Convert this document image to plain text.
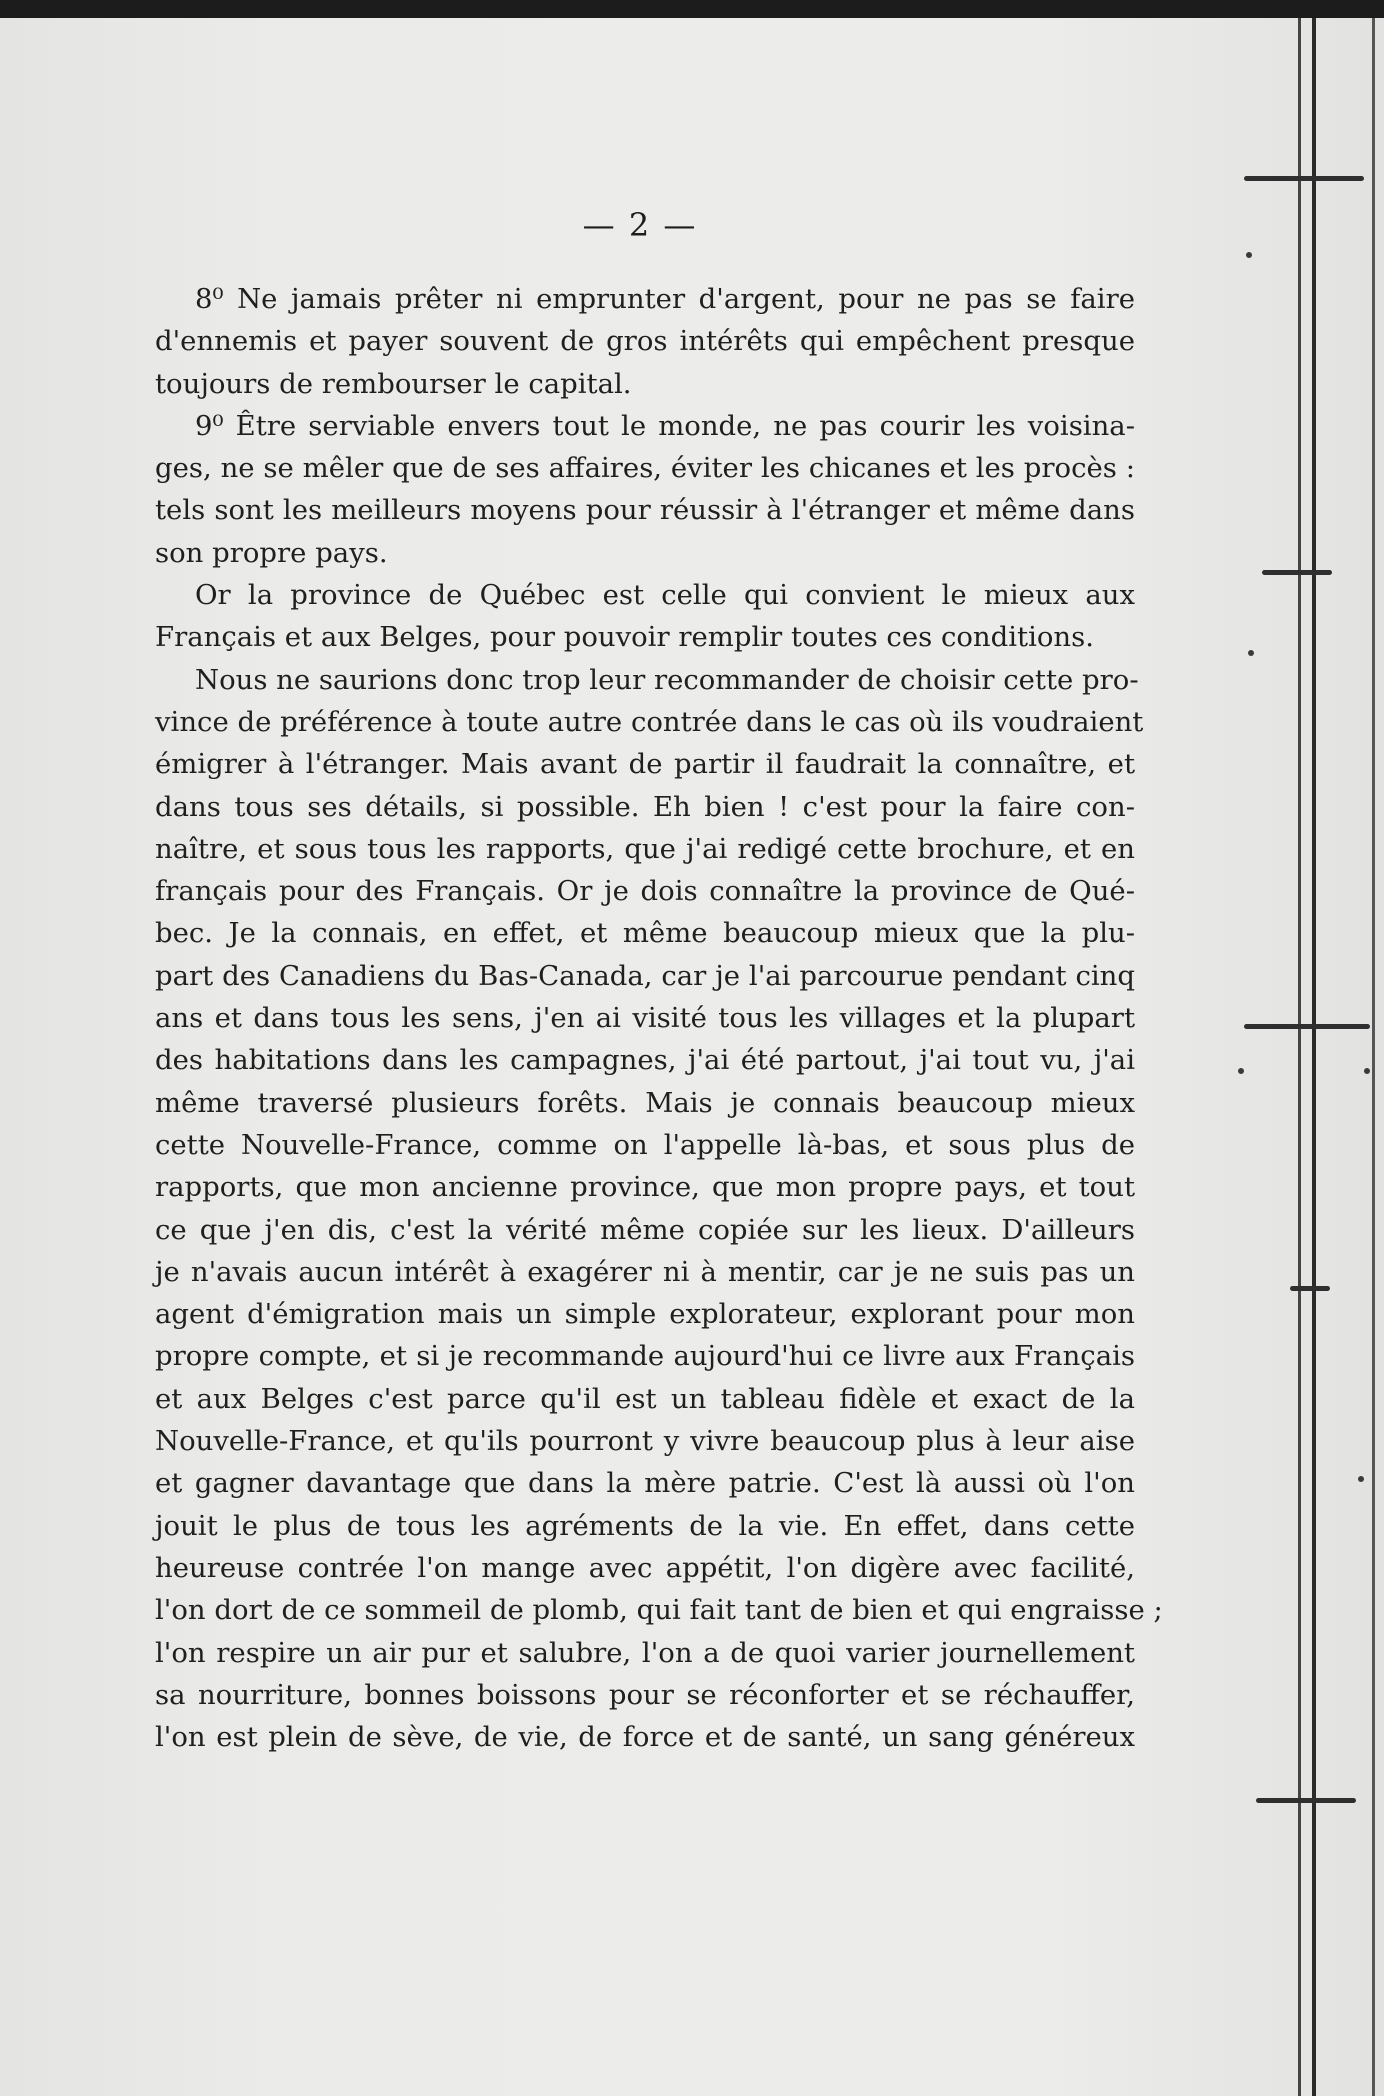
— 2 —

8⁰ Ne jamais prêter ni emprunter d'argent, pour ne pas se faire
d'ennemis et payer souvent de gros intérêts qui empêchent presque
toujours de rembourser le capital.

9⁰ Être serviable envers tout le monde, ne pas courir les voisina-
ges, ne se mêler que de ses affaires, éviter les chicanes et les procès :
tels sont les meilleurs moyens pour réussir à l'étranger et même dans
son propre pays.

Or la province de Québec est celle qui convient le mieux aux
Français et aux Belges, pour pouvoir remplir toutes ces conditions.

Nous ne saurions donc trop leur recommander de choisir cette pro-
vince de préférence à toute autre contrée dans le cas où ils voudraient
émigrer à l'étranger. Mais avant de partir il faudrait la connaître, et
dans tous ses détails, si possible. Eh bien ! c'est pour la faire con-
naître, et sous tous les rapports, que j'ai redigé cette brochure, et en
français pour des Français. Or je dois connaître la province de Qué-
bec. Je la connais, en effet, et même beaucoup mieux que la plu-
part des Canadiens du Bas-Canada, car je l'ai parcourue pendant cinq
ans et dans tous les sens, j'en ai visité tous les villages et la plupart
des habitations dans les campagnes, j'ai été partout, j'ai tout vu, j'ai
même traversé plusieurs forêts. Mais je connais beaucoup mieux
cette Nouvelle-France, comme on l'appelle là-bas, et sous plus de
rapports, que mon ancienne province, que mon propre pays, et tout
ce que j'en dis, c'est la vérité même copiée sur les lieux. D'ailleurs
je n'avais aucun intérêt à exagérer ni à mentir, car je ne suis pas un
agent d'émigration mais un simple explorateur, explorant pour mon
propre compte, et si je recommande aujourd'hui ce livre aux Français
et aux Belges c'est parce qu'il est un tableau fidèle et exact de la
Nouvelle-France, et qu'ils pourront y vivre beaucoup plus à leur aise
et gagner davantage que dans la mère patrie. C'est là aussi où l'on
jouit le plus de tous les agréments de la vie. En effet, dans cette
heureuse contrée l'on mange avec appétit, l'on digère avec facilité,
l'on dort de ce sommeil de plomb, qui fait tant de bien et qui engraisse ;
l'on respire un air pur et salubre, l'on a de quoi varier journellement
sa nourriture, bonnes boissons pour se réconforter et se réchauffer,
l'on est plein de sève, de vie, de force et de santé, un sang généreux
